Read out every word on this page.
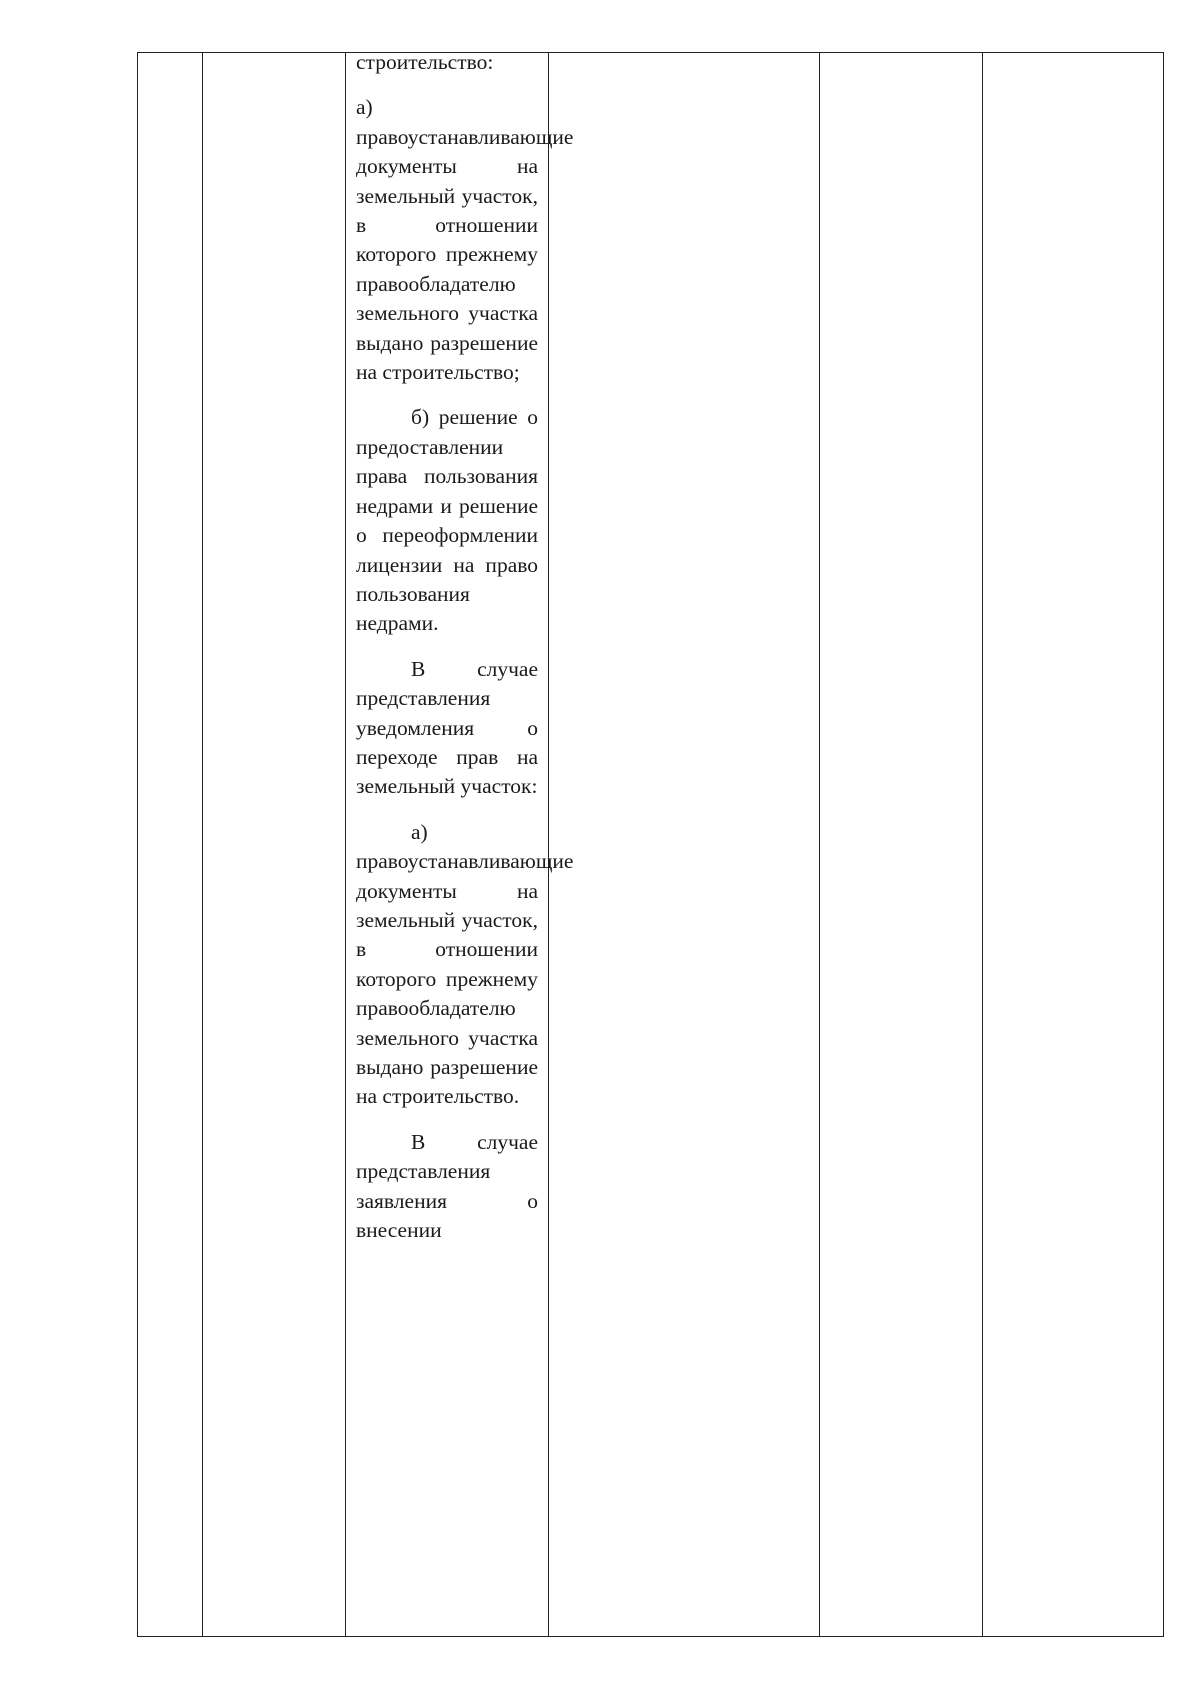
строительство:

а) правоустанавливающие документы на земельный участок, в отношении которого прежнему правообладателю земельного участка выдано разрешение на строительство;

б) решение о предоставлении права пользования недрами и решение о переоформлении лицензии на право пользования недрами.

В случае представления уведомления о переходе прав на земельный участок:

а) правоустанавливающие документы на земельный участок, в отношении которого прежнему правообладателю земельного участка выдано разрешение на строительство.

В случае представления заявления о внесении
